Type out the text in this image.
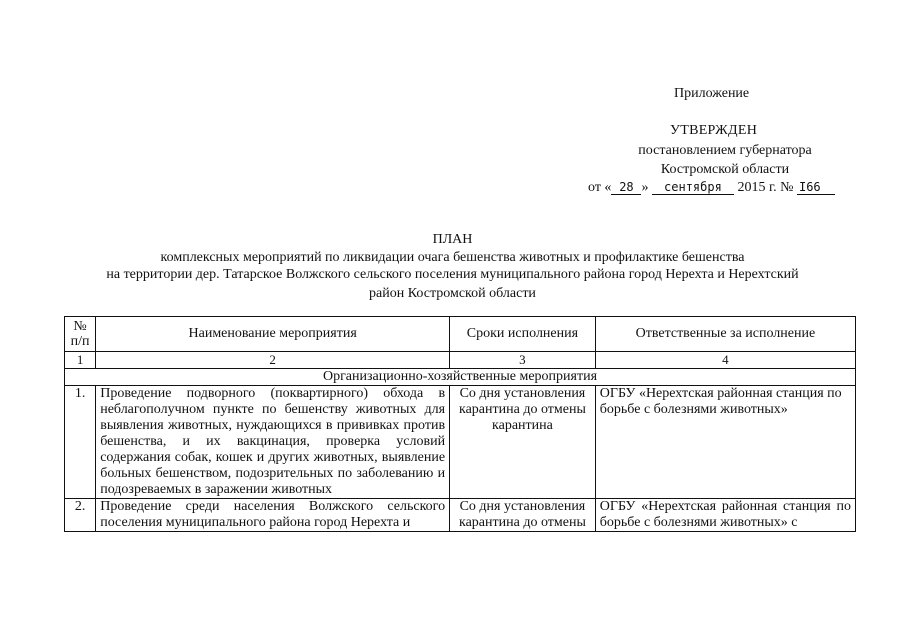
Приложение
УТВЕРЖДЕН
постановлением губернатора
Костромской области
от « 28 » сентября 2015 г. № I66
ПЛАН
комплексных мероприятий по ликвидации очага бешенства животных и профилактике бешенства
на территории дер. Татарское Волжского сельского поселения муниципального района город Нерехта и Нерехтский
район Костромской области
№ п/п	Наименование мероприятия	Сроки исполнения	Ответственные за исполнение
1	2	3	4
Организационно-хозяйственные мероприятия			
1.	Проведение подворного (поквартирного) обхода в неблагополучном пункте по бешенству животных для выявления животных, нуждающихся в прививках против бешенства, и их вакцинация, проверка условий содержания собак, кошек и других животных, выявление больных бешенством, подозрительных по заболеванию и подозреваемых в заражении животных	Со дня установления карантина до отмены карантина	ОГБУ «Нерехтская районная станция по борьбе с болезнями животных»

2.	Проведение среди населения Волжского сельского поселения муниципального района город Нерехта и	Со дня установления карантина до отмены	ОГБУ «Нерехтская районная станция по борьбе с болезнями животных» с
